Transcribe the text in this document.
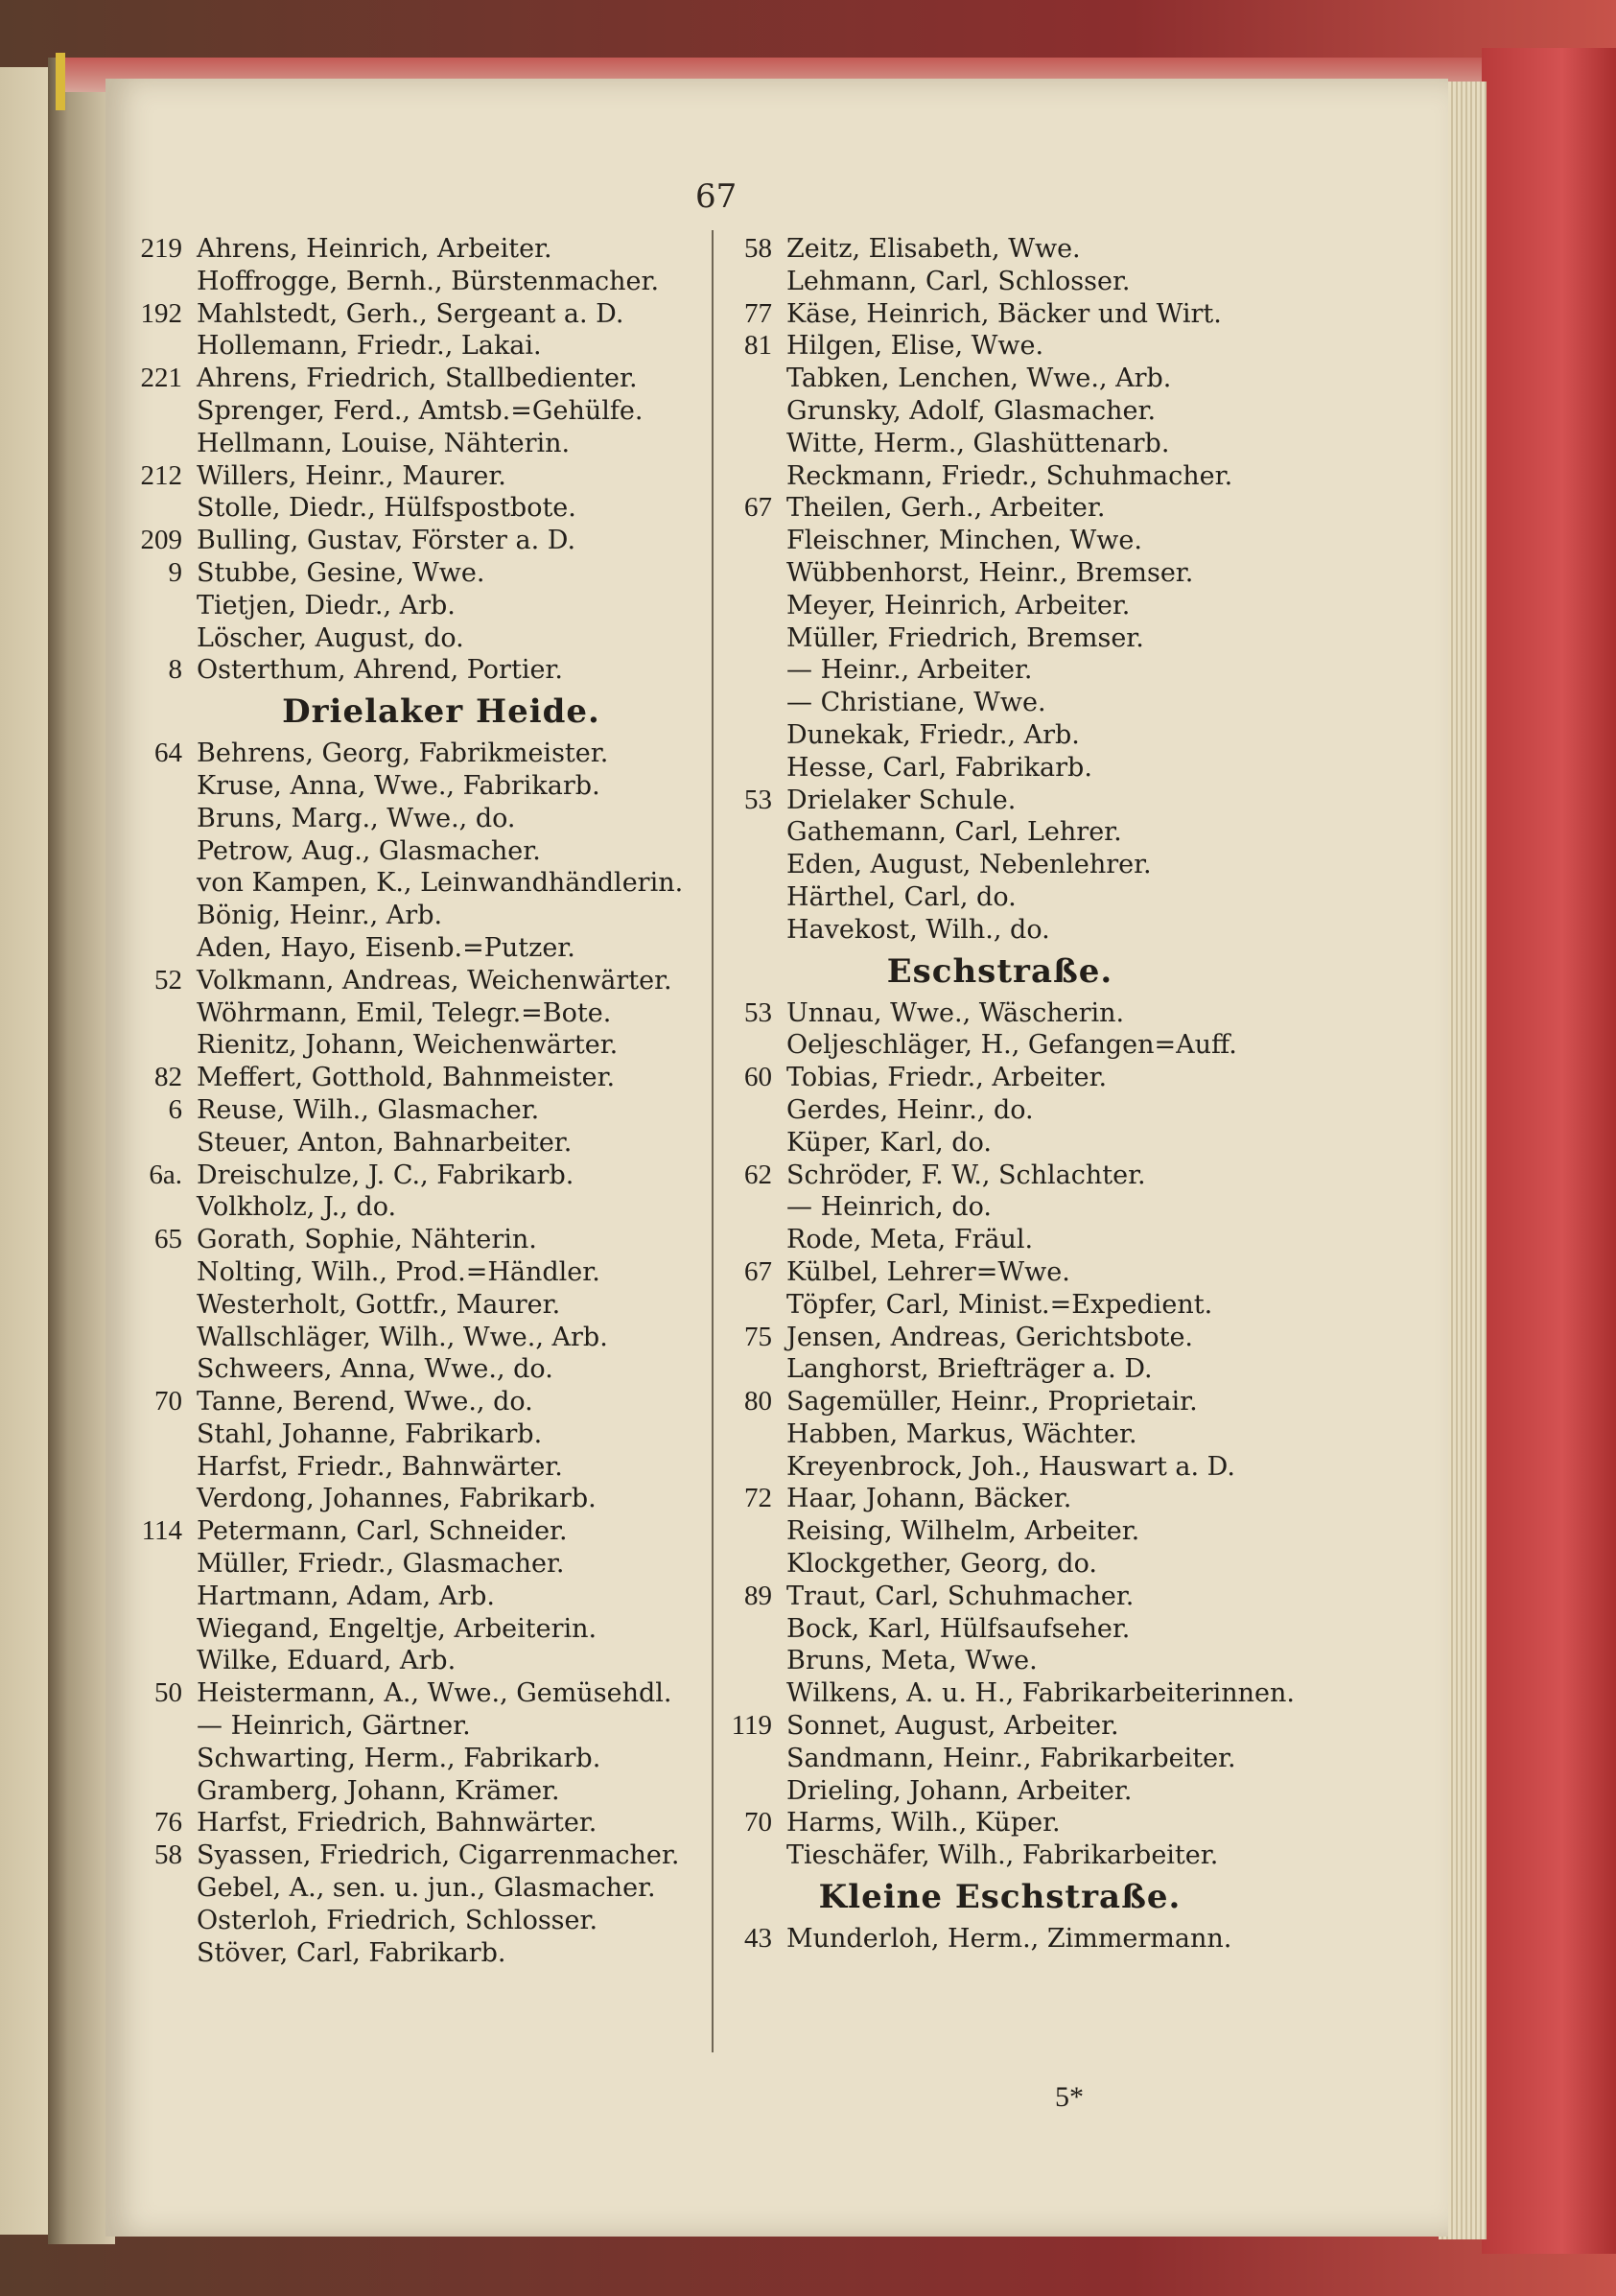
67
219 Ahrens, Heinrich, Arbeiter.
Hoffrogge, Bernh., Bürstenmacher.
192 Mahlstedt, Gerh., Sergeant a. D.
Hollemann, Friedr., Lakai.
221 Ahrens, Friedrich, Stallbedienter.
Sprenger, Ferd., Amtsb.=Gehülfe.
Hellmann, Louise, Nähterin.
212 Willers, Heinr., Maurer.
Stolle, Diedr., Hülfspostbote.
209 Bulling, Gustav, Förster a. D.
9 Stubbe, Gesine, Wwe.
Tietjen, Diedr., Arb.
Löscher, August, do.
8 Osterthum, Ahrend, Portier.
Drielaker Heide.
64 Behrens, Georg, Fabrikmeister.
Kruse, Anna, Wwe., Fabrikarb.
Bruns, Marg., Wwe., do.
Petrow, Aug., Glasmacher.
von Kampen, K., Leinwandhändlerin.
Bönig, Heinr., Arb.
Aden, Hayo, Eisenb.=Putzer.
52 Volkmann, Andreas, Weichenwärter.
Wöhrmann, Emil, Telegr.=Bote.
Rienitz, Johann, Weichenwärter.
82 Meffert, Gotthold, Bahnmeister.
6 Reuse, Wilh., Glasmacher.
Steuer, Anton, Bahnarbeiter.
6a. Dreischulze, J. C., Fabrikarb.
Volkholz, J., do.
65 Gorath, Sophie, Nähterin.
Nolting, Wilh., Prod.=Händler.
Westerholt, Gottfr., Maurer.
Wallschläger, Wilh., Wwe., Arb.
Schweers, Anna, Wwe., do.
70 Tanne, Berend, Wwe., do.
Stahl, Johanne, Fabrikarb.
Harfst, Friedr., Bahnwärter.
Verdong, Johannes, Fabrikarb.
114 Petermann, Carl, Schneider.
Müller, Friedr., Glasmacher.
Hartmann, Adam, Arb.
Wiegand, Engeltje, Arbeiterin.
Wilke, Eduard, Arb.
50 Heistermann, A., Wwe., Gemüsehdl.
— Heinrich, Gärtner.
Schwarting, Herm., Fabrikarb.
Gramberg, Johann, Krämer.
76 Harfst, Friedrich, Bahnwärter.
58 Syassen, Friedrich, Cigarrenmacher.
Gebel, A., sen. u. jun., Glasmacher.
Osterloh, Friedrich, Schlosser.
Stöver, Carl, Fabrikarb.
58 Zeitz, Elisabeth, Wwe.
Lehmann, Carl, Schlosser.
77 Käse, Heinrich, Bäcker und Wirt.
81 Hilgen, Elise, Wwe.
Tabken, Lenchen, Wwe., Arb.
Grunsky, Adolf, Glasmacher.
Witte, Herm., Glashüttenarb.
Reckmann, Friedr., Schuhmacher.
67 Theilen, Gerh., Arbeiter.
Fleischner, Minchen, Wwe.
Wübbenhorst, Heinr., Bremser.
Meyer, Heinrich, Arbeiter.
Müller, Friedrich, Bremser.
— Heinr., Arbeiter.
— Christiane, Wwe.
Dunekak, Friedr., Arb.
Hesse, Carl, Fabrikarb.
53 Drielaker Schule.
Gathemann, Carl, Lehrer.
Eden, August, Nebenlehrer.
Härthel, Carl, do.
Havekost, Wilh., do.
Eschstraße.
53 Unnau, Wwe., Wäscherin.
Oeljeschläger, H., Gefangen=Auff.
60 Tobias, Friedr., Arbeiter.
Gerdes, Heinr., do.
Küper, Karl, do.
62 Schröder, F. W., Schlachter.
— Heinrich, do.
Rode, Meta, Fräul.
67 Külbel, Lehrer=Wwe.
Töpfer, Carl, Minist.=Expedient.
75 Jensen, Andreas, Gerichtsbote.
Langhorst, Briefträger a. D.
80 Sagemüller, Heinr., Proprietair.
Habben, Markus, Wächter.
Kreyenbrock, Joh., Hauswart a. D.
72 Haar, Johann, Bäcker.
Reising, Wilhelm, Arbeiter.
Klockgether, Georg, do.
89 Traut, Carl, Schuhmacher.
Bock, Karl, Hülfsaufseher.
Bruns, Meta, Wwe.
Wilkens, A. u. H., Fabrikarbeiterinnen.
119 Sonnet, August, Arbeiter.
Sandmann, Heinr., Fabrikarbeiter.
Drieling, Johann, Arbeiter.
70 Harms, Wilh., Küper.
Tieschäfer, Wilh., Fabrikarbeiter.
Kleine Eschstraße.
43 Munderloh, Herm., Zimmermann.
5*
